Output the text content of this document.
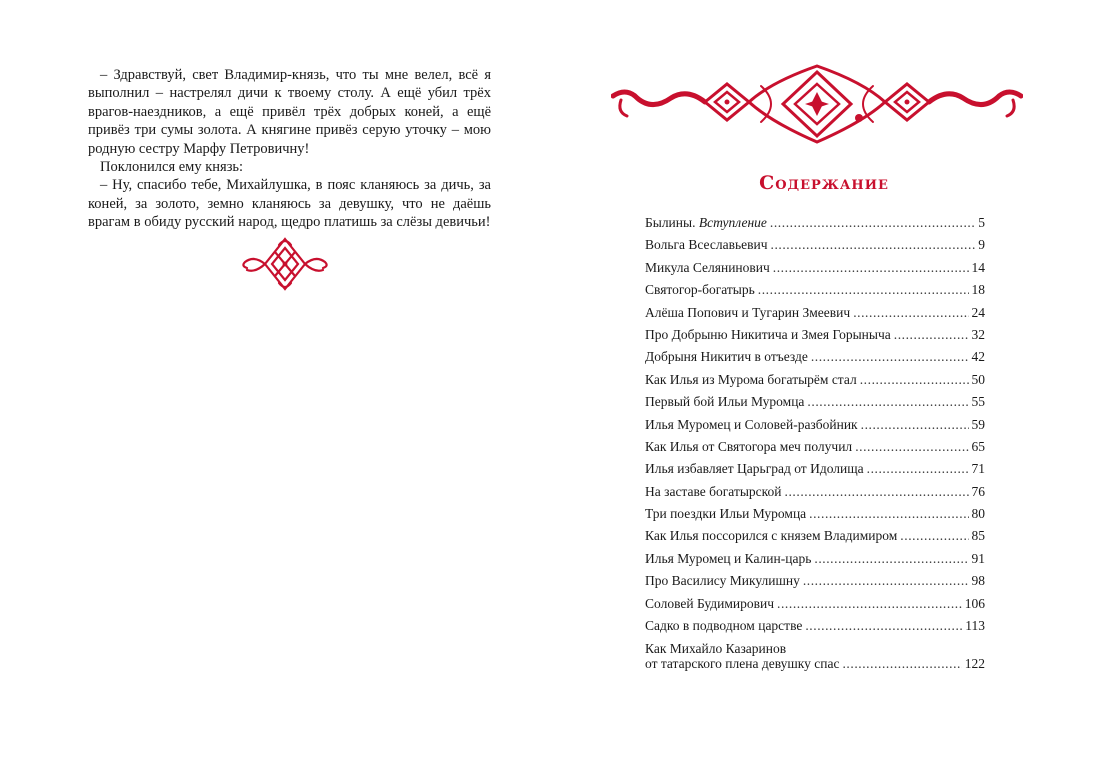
– Здравствуй, свет Владимир-князь, что ты мне велел, всё я выполнил – настрелял дичи к твоему столу. А ещё убил трёх врагов-наездников, а ещё привёл трёх добрых коней, а ещё привёз три сумы золота. А княгине привёз серую уточку – мою родную сестру Марфу Петровичну!

Поклонился ему князь:

– Ну, спасибо тебе, Михайлушка, в пояс кланяюсь за дичь, за коней, за золото, земно кланяюсь за девушку, что не даёшь врагам в обиду русский народ, щедро платишь за слёзы девичьи!

Содержание
Былины. Вступление . . .	5
Вольга Всеславьевич . . .	9
Микула Селянинович . . .	14
Святогор-богатырь . . .	18
Алёша Попович и Тугарин Змеевич . . .	24
Про Добрыню Никитича и Змея Горыныча . . .	32
Добрыня Никитич в отъезде . . .	42
Как Илья из Мурома богатырём стал . . .	50
Первый бой Ильи Муромца . . .	55
Илья Муромец и Соловей-разбойник . . .	59
Как Илья от Святогора меч получил . . .	65
Илья избавляет Царьград от Идолища . . .	71
На заставе богатырской . . .	76
Три поездки Ильи Муромца . . .	80
Как Илья поссорился с князем Владимиром . . .	85
Илья Муромец и Калин-царь . . .	91
Про Василису Микулишну . . .	98
Соловей Будимирович . . .	106
Садко в подводном царстве . . .	113
Как Михайло Казаринов
от татарского плена девушку спас . . .	122
